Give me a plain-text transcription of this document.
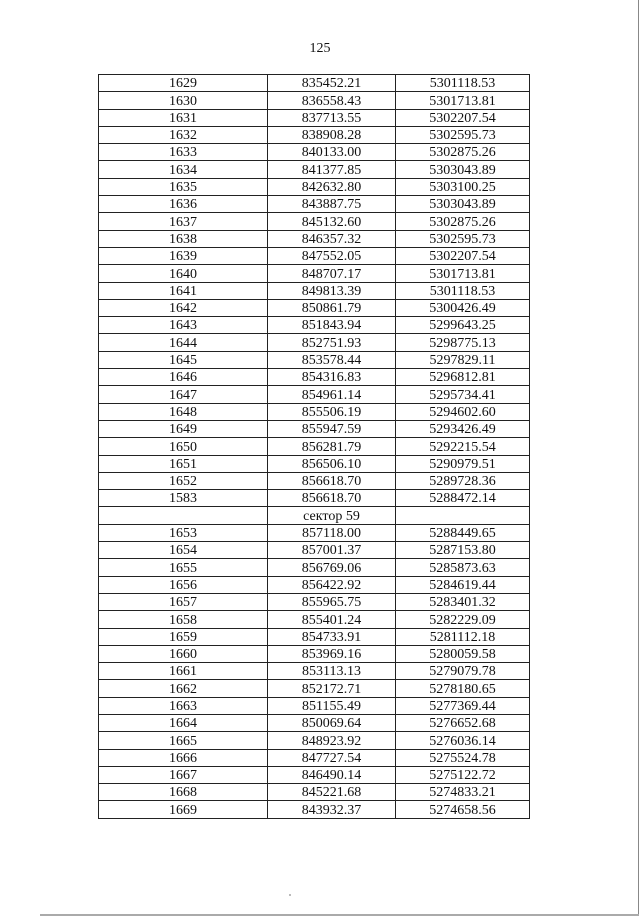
125
1629	835452.21	5301118.53
1630	836558.43	5301713.81
1631	837713.55	5302207.54
1632	838908.28	5302595.73
1633	840133.00	5302875.26
1634	841377.85	5303043.89
1635	842632.80	5303100.25
1636	843887.75	5303043.89
1637	845132.60	5302875.26
1638	846357.32	5302595.73
1639	847552.05	5302207.54
1640	848707.17	5301713.81
1641	849813.39	5301118.53
1642	850861.79	5300426.49
1643	851843.94	5299643.25
1644	852751.93	5298775.13
1645	853578.44	5297829.11
1646	854316.83	5296812.81
1647	854961.14	5295734.41
1648	855506.19	5294602.60
1649	855947.59	5293426.49
1650	856281.79	5292215.54
1651	856506.10	5290979.51
1652	856618.70	5289728.36
1583	856618.70	5288472.14
	сектор 59	
1653	857118.00	5288449.65
1654	857001.37	5287153.80
1655	856769.06	5285873.63
1656	856422.92	5284619.44
1657	855965.75	5283401.32
1658	855401.24	5282229.09
1659	854733.91	5281112.18
1660	853969.16	5280059.58
1661	853113.13	5279079.78
1662	852172.71	5278180.65
1663	851155.49	5277369.44
1664	850069.64	5276652.68
1665	848923.92	5276036.14
1666	847727.54	5275524.78
1667	846490.14	5275122.72
1668	845221.68	5274833.21
1669	843932.37	5274658.56
